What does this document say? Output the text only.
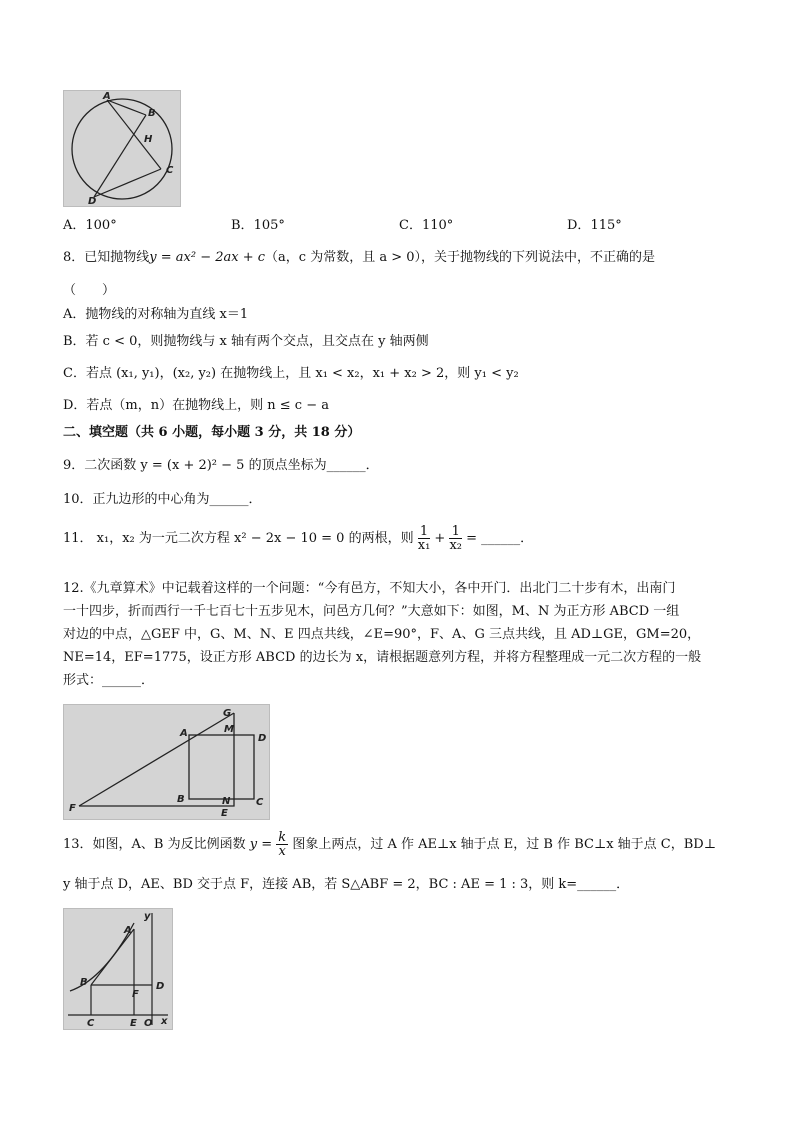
A
B
H
C
D
A．100°	B．105°	C．110°	D．115°
8．已知抛物线y = ax² − 2ax + c（a，c 为常数，且 a > 0），关于抛物线的下列说法中，不正确的是
（　　）
A．抛物线的对称轴为直线 x＝1
B．若 c < 0，则抛物线与 x 轴有两个交点，且交点在 y 轴两侧
C．若点 (x₁, y₁)，(x₂, y₂) 在抛物线上，且 x₁ < x₂，x₁ + x₂ > 2，则 y₁ < y₂
D．若点（m，n）在抛物线上，则 n ≤ c − a
二、填空题（共 6 小题，每小题 3 分，共 18 分）
9．二次函数 y = (x + 2)² − 5 的顶点坐标为______．
10．正九边形的中心角为______．
11． x₁，x₂ 为一元二次方程 x² − 2x − 10 = 0 的两根，则 $\frac{1}{\text{x₁}} + \frac{1}{\text{x₂}}$ = ______．
12.《九章算术》中记载着这样的一个问题：“今有邑方，不知大小，各中开门．出北门二十步有木，出南门
一十四步，折而西行一千七百七十五步见木，问邑方几何？”大意如下：如图，M、N 为正方形 ABCD 一组
对边的中点，△GEF 中，G、M、N、E 四点共线，∠E=90°，F、A、G 三点共线，且 AD⊥GE，GM=20，
NE=14，EF=1775，设正方形 ABCD 的边长为 x，请根据题意列方程，并将方程整理成一元二次方程的一般
形式：______．
G
A	M
D
F
B	N
E
C
13．如图，A、B 为反比例函数 $y = \frac{k}{x}$ 图象上两点，过 A 作 AE⊥x 轴于点 E，过 B 作 BC⊥x 轴于点 C，BD⊥
y 轴于点 D，AE、BD 交于点 F，连接 AB，若 S△ABF = 2，BC : AE = 1 : 3，则 k=______．
y
A
B
F
D
C	E O x
